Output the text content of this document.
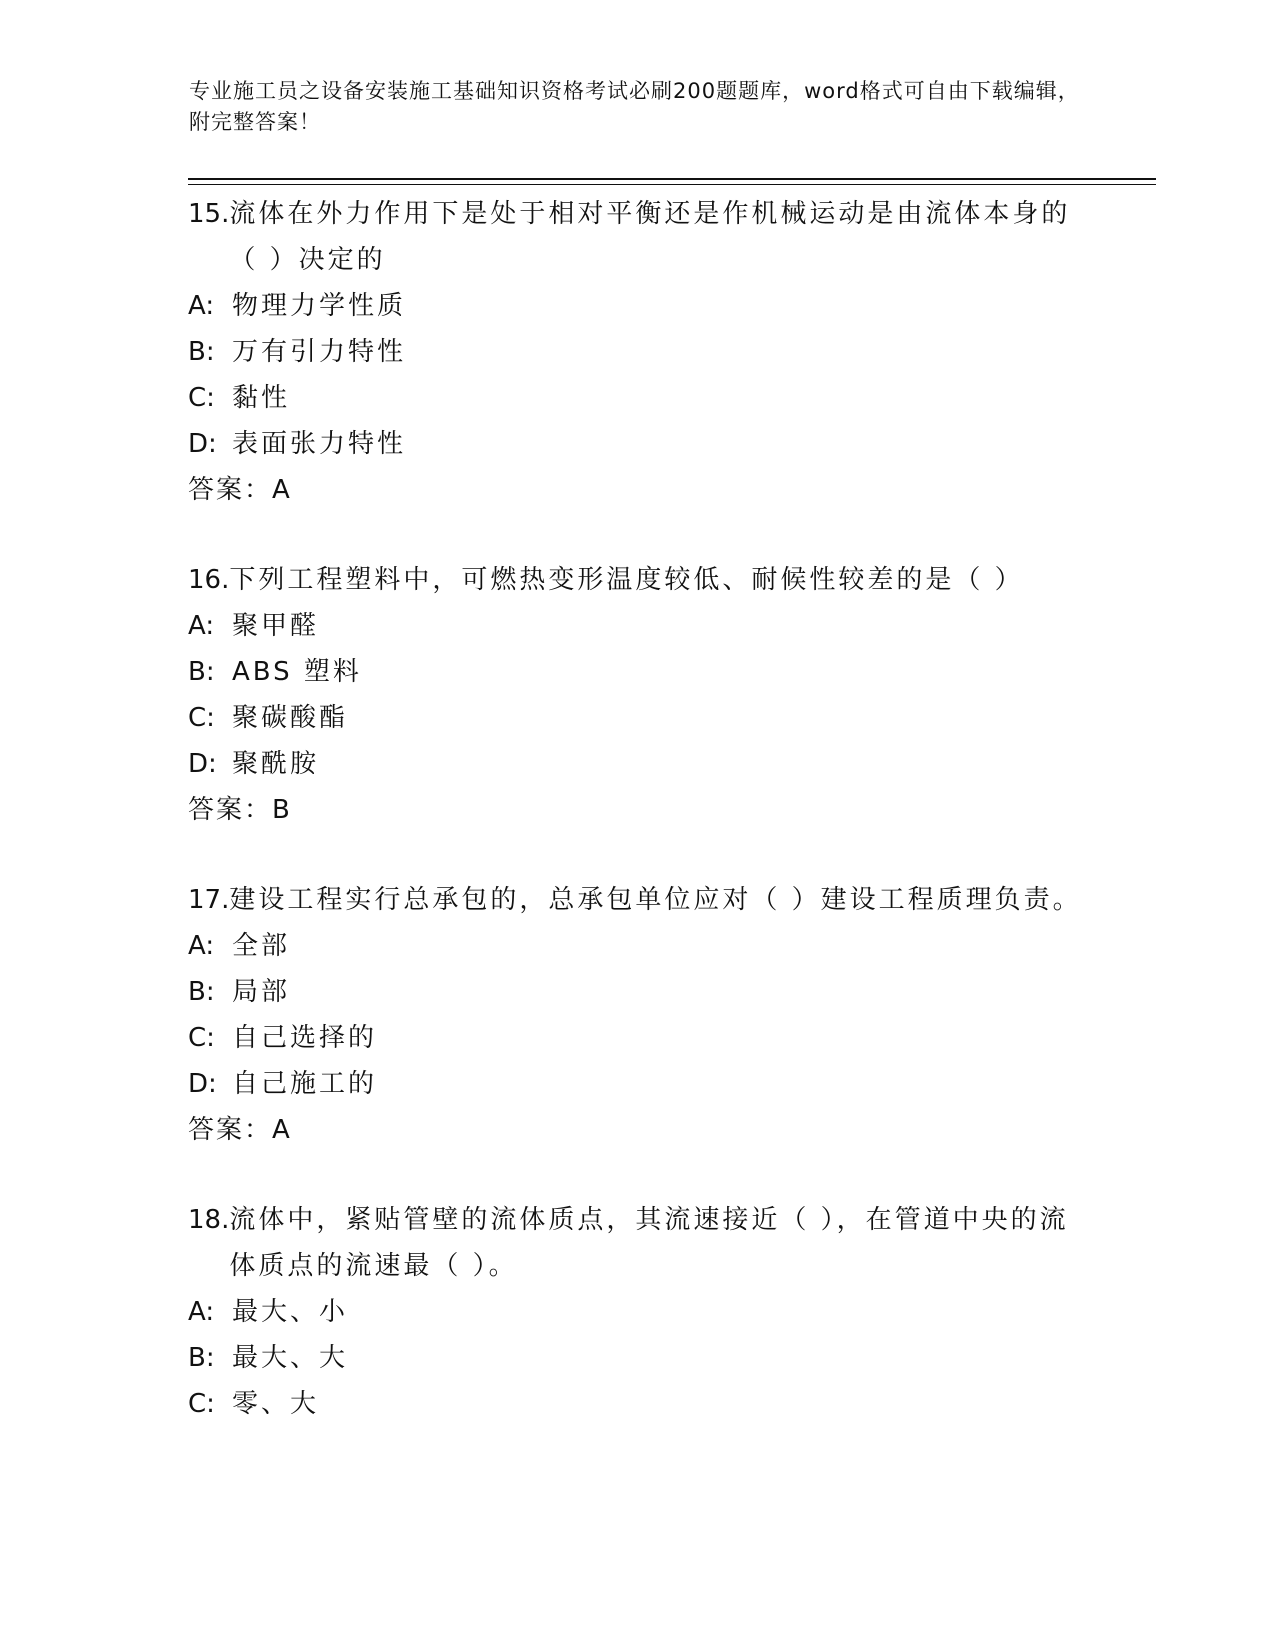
专业施工员之设备安装施工基础知识资格考试必刷200题题库，word格式可自由下载编辑，附完整答案！
15. 流体在外力作用下是处于相对平衡还是作机械运动是由流体本身的（ ）决定的
A: 物理力学性质
B: 万有引力特性
C: 黏性
D: 表面张力特性
答案：A
16. 下列工程塑料中，可燃热变形温度较低、耐候性较差的是（ ）
A: 聚甲醛
B: ABS 塑料
C: 聚碳酸酯
D: 聚酰胺
答案：B
17. 建设工程实行总承包的，总承包单位应对（ ）建设工程质理负责。
A: 全部
B: 局部
C: 自己选择的
D: 自己施工的
答案：A
18. 流体中，紧贴管壁的流体质点，其流速接近（ ），在管道中央的流体质点的流速最（ ）。
A: 最大、小
B: 最大、大
C: 零、大
